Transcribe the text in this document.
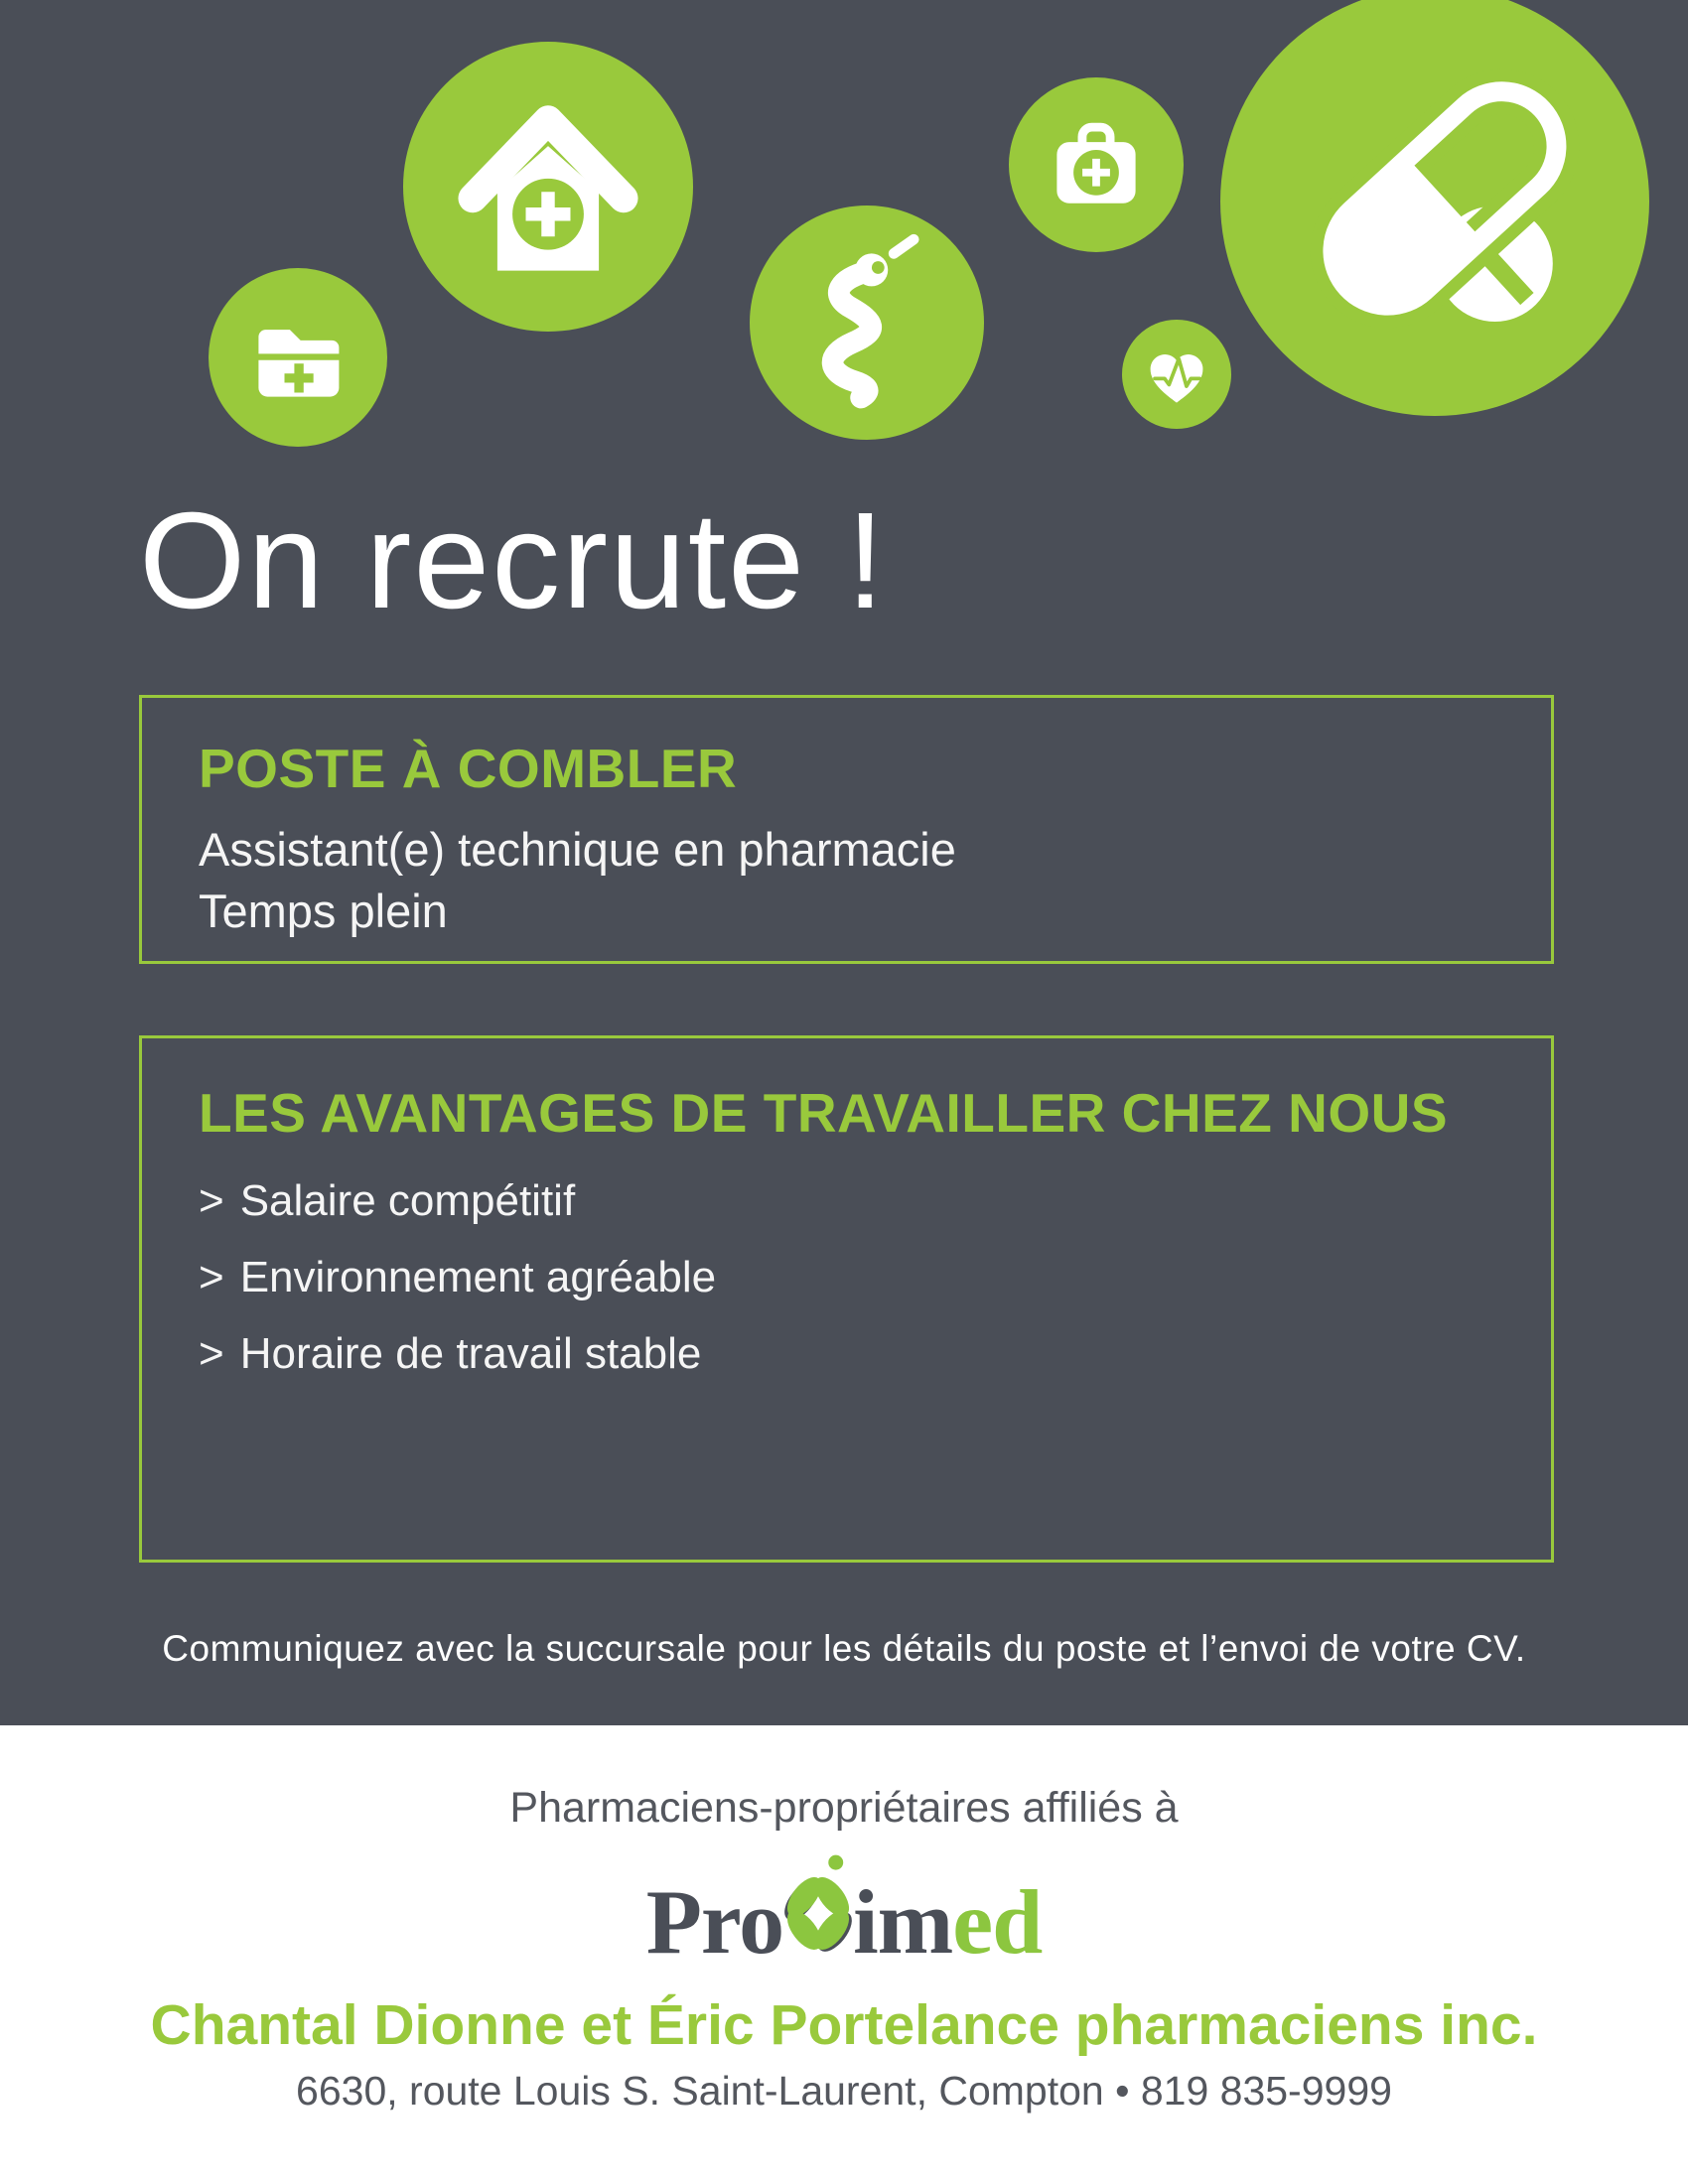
On recrute !
POSTE À COMBLER

Assistant(e) technique en pharmacie
Temps plein

LES AVANTAGES DE TRAVAILLER CHEZ NOUS
> Salaire compétitif
> Environnement agréable
> Horaire de travail stable

Communiquez avec la succursale pour les détails du poste et l’envoi de votre CV.

Pharmaciens-propriétaires affiliés à

Pro im ed

Chantal Dionne et Éric Portelance pharmaciens inc.

6630, route Louis S. Saint-Laurent, Compton • 819 835-9999
